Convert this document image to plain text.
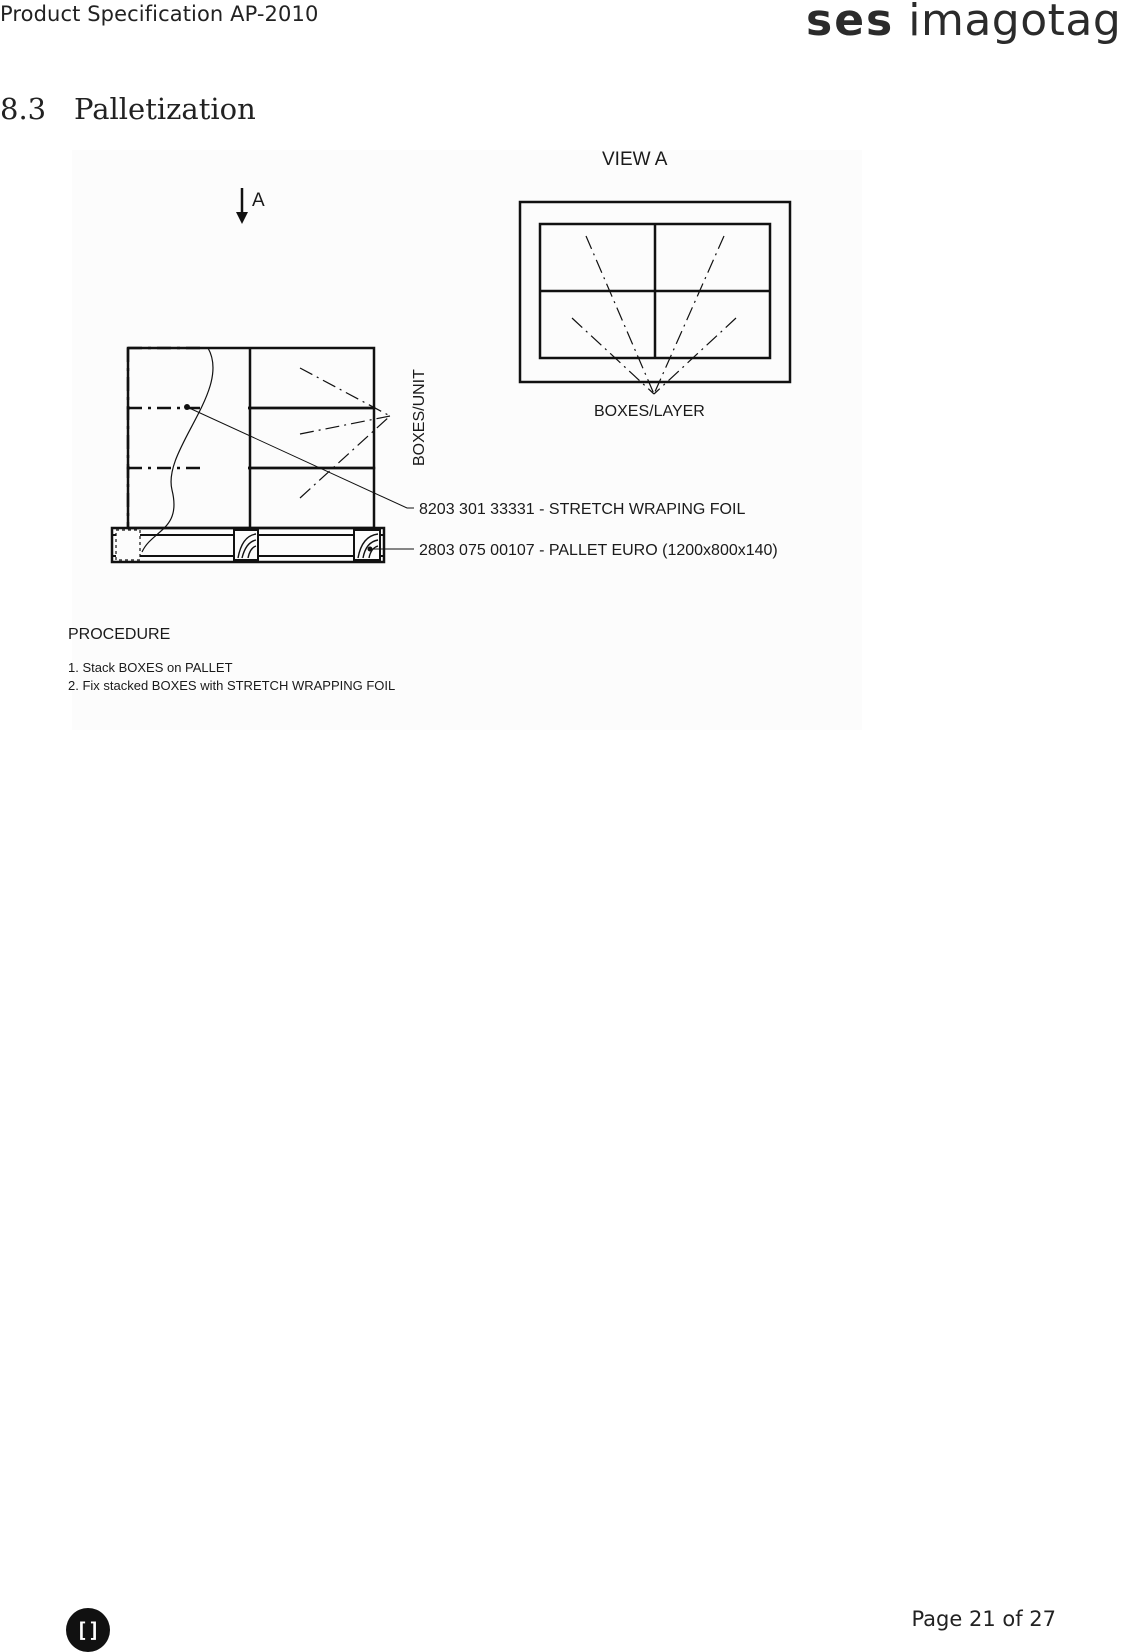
Product Specification AP-2010	ses imagotag
8.3 Palletization
A
BOXES/UNIT
8203 301 33331 - STRETCH WRAPING FOIL
2803 075 00107 - PALLET EURO (1200x800x140)
VIEW A
BOXES/LAYER
PROCEDURE
1. Stack BOXES on PALLET
2. Fix stacked BOXES with STRETCH WRAPPING FOIL
[]	Page 21 of 27
